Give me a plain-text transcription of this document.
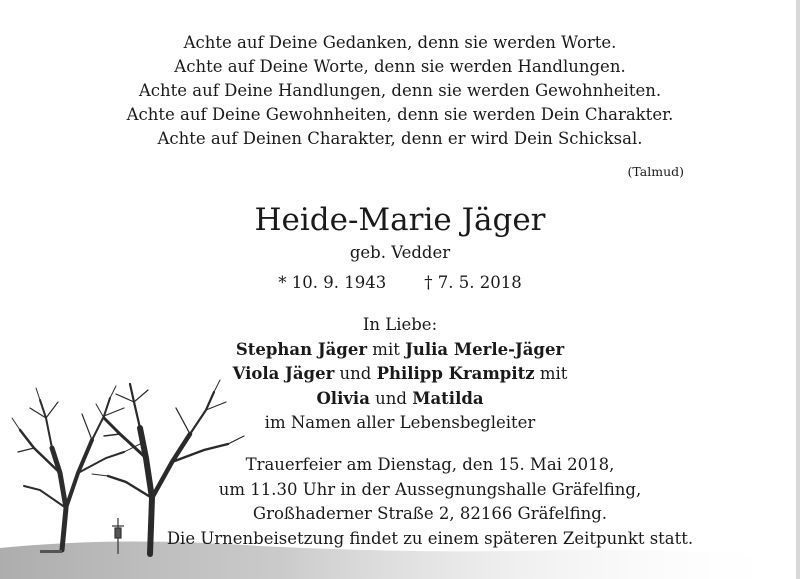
Achte auf Deine Gedanken, denn sie werden Worte.
Achte auf Deine Worte, denn sie werden Handlungen.
Achte auf Deine Handlungen, denn sie werden Gewohnheiten.
Achte auf Deine Gewohnheiten, denn sie werden Dein Charakter.
Achte auf Deinen Charakter, denn er wird Dein Schicksal.
(Talmud)
Heide-Marie Jäger
geb. Vedder
* 10. 9. 1943 † 7. 5. 2018
In Liebe:
Stephan Jäger mit Julia Merle-Jäger
Viola Jäger und Philipp Krampitz mit
Olivia und Matilda
im Namen aller Lebensbegleiter
Trauerfeier am Dienstag, den 15. Mai 2018,
um 11.30 Uhr in der Aussegnungshalle Gräfelfing,
Großhaderner Straße 2, 82166 Gräfelfing.
Die Urnenbeisetzung findet zu einem späteren Zeitpunkt statt.
